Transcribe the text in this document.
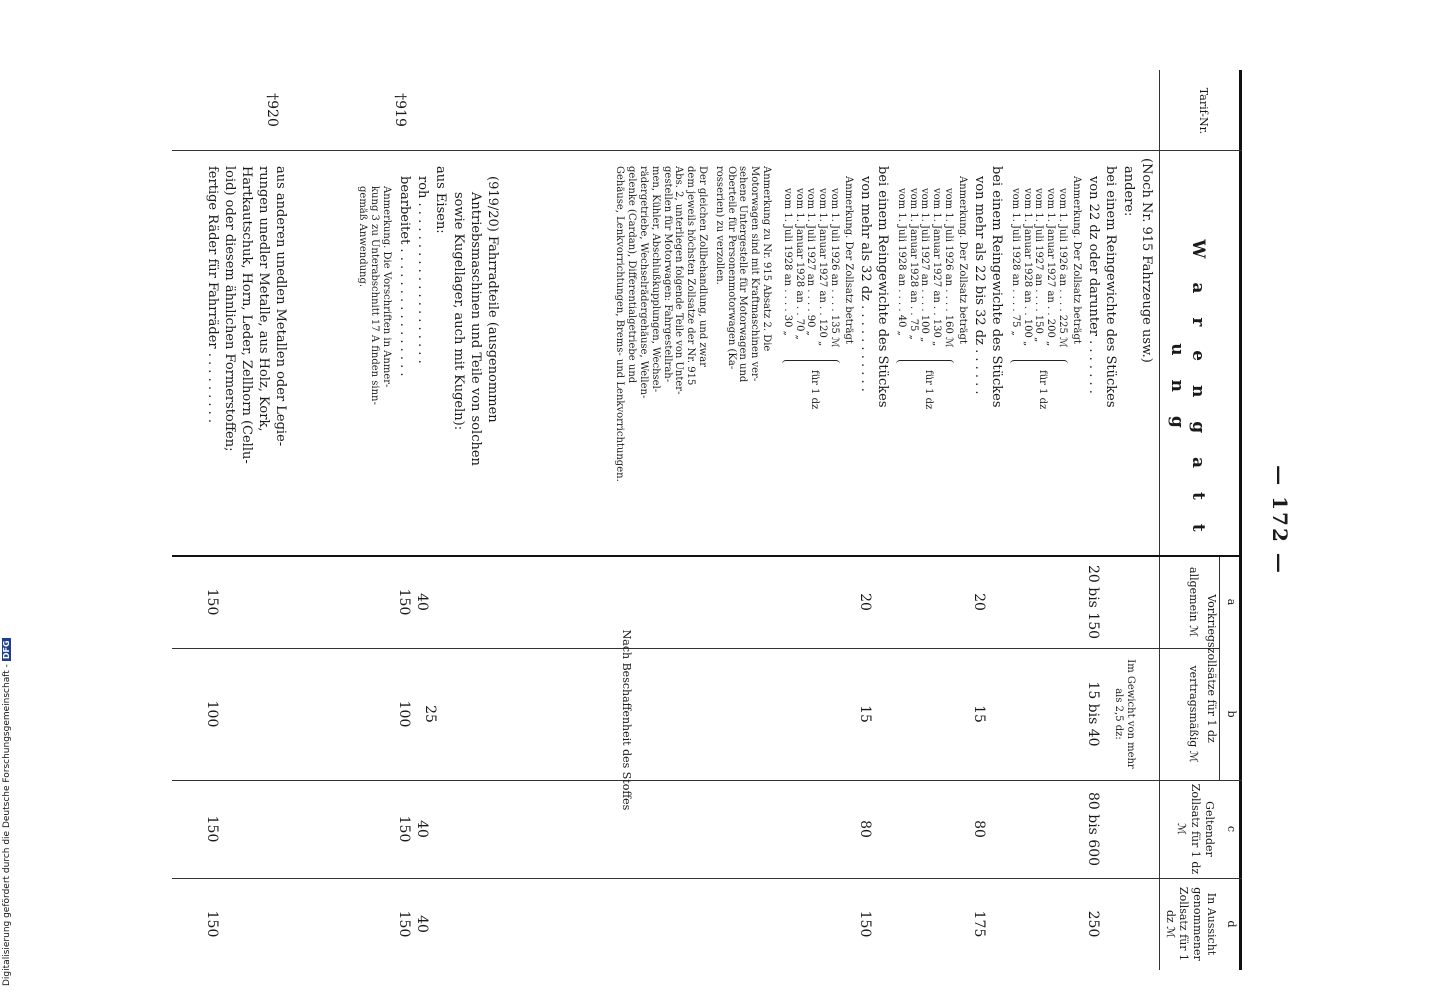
— 172 —
Tarif-Nr.
W a r e n g a t t u n g
a
b
c
d
Vorkriegszollsätze für 1 dz
allgemein ℳ
vertragsmäßig ℳ
Geltender Zollsatz für 1 dz ℳ
In Aussicht genommener Zollsatz für 1 dz ℳ
†919
†920
(Noch Nr. 915 Fahrzeuge usw.)
andere:
bei einem Reingewichte des Stückes
von 22 dz oder darunter . . . . . . .
Anmerkung. Der Zollsatz beträgt
vom 1. Juli 1926 an . . . . 225 ℳ
vom 1. Januar 1927 an . . 200 „
vom 1. Juli 1927 an . . . . 150 „
vom 1. Januar 1928 an . . 100 „
vom 1. Juli 1928 an . . . . 75 „
für 1 dz
bei einem Reingewichte des Stückes
von mehr als 22 bis 32 dz . . . . . .
Anmerkung. Der Zollsatz beträgt
vom 1. Juli 1926 an . . . . 160 ℳ
vom 1. Januar 1927 an . . 130 „
vom 1. Juli 1927 an . . . . 100 „
vom 1. Januar 1928 an . . 75 „
vom 1. Juli 1928 an . . . . 40 „
für 1 dz
bei einem Reingewichte des Stückes
von mehr als 32 dz . . . . . . . . . . .
Anmerkung. Der Zollsatz beträgt
vom 1. Juli 1926 an . . . . 135 ℳ
vom 1. Januar 1927 an . . 120 „
vom 1. Juli 1927 an . . . . 90 „
vom 1. Januar 1928 an . . 70 „
vom 1. Juli 1928 an . . . . 30 „
für 1 dz
Anmerkung zu Nr. 915 Absatz 2. Die
Motorwagen sind mit Kraftmaschinen ver-
sehene Untergestelle für Motorwagen und
Oberteile für Personenmotorwagen (Ka-
rosserien) zu verzollen.
Der gleichen Zollbehandlung, und zwar
dem jeweils höchsten Zollsatze der Nr. 915
Abs. 2, unterliegen folgende Teile von Unter-
gestellen für Motorwagen: Fahrgestellrah-
men, Kühler, Abschlußkupplungen, Wechsel-
rädergetriebe, Wechselrädergehäuse, Wellen-
gelenke (Cardan), Differentialgetriebe und
Gehäuse, Lenkvorrichtungen, Brems- und Lenkvorrichtungen.
(919/20) Fahrradteile (ausgenommen
Antriebsmaschinen und Teile von solchen
sowie Kugellager, auch mit Kugeln):
aus Eisen:
roh . . . . . . . . . . . . . . . . . . . .
bearbeitet . . . . . . . . . . . . . . . .
Anmerkung. Die Vorschriften in Anmer-
kung 3 zu Unterabschnitt 17 A finden sinn-
gemäß Anwendung.
aus anderen unedlen Metallen oder Legie-
rungen unedler Metalle, aus Holz, Kork,
Hartkautschuk, Horn, Leder, Zellhorn (Cellu-
loid) oder diesem ähnlichen Formerstoffen;
fertige Räder für Fahrräder . . . . . . . . .
20 bis 150
Im Gewicht von mehr als 2,5 dz:
15 bis 40
80 bis 600
250
20
15
80
175
20
15
80
150
Nach Beschaffenheit des Stoffes
40
25
40
40
150
100
150
150
150
100
150
150
Digitalisierung gefördert durch die Deutsche Forschungsgemeinschaft -DFG
